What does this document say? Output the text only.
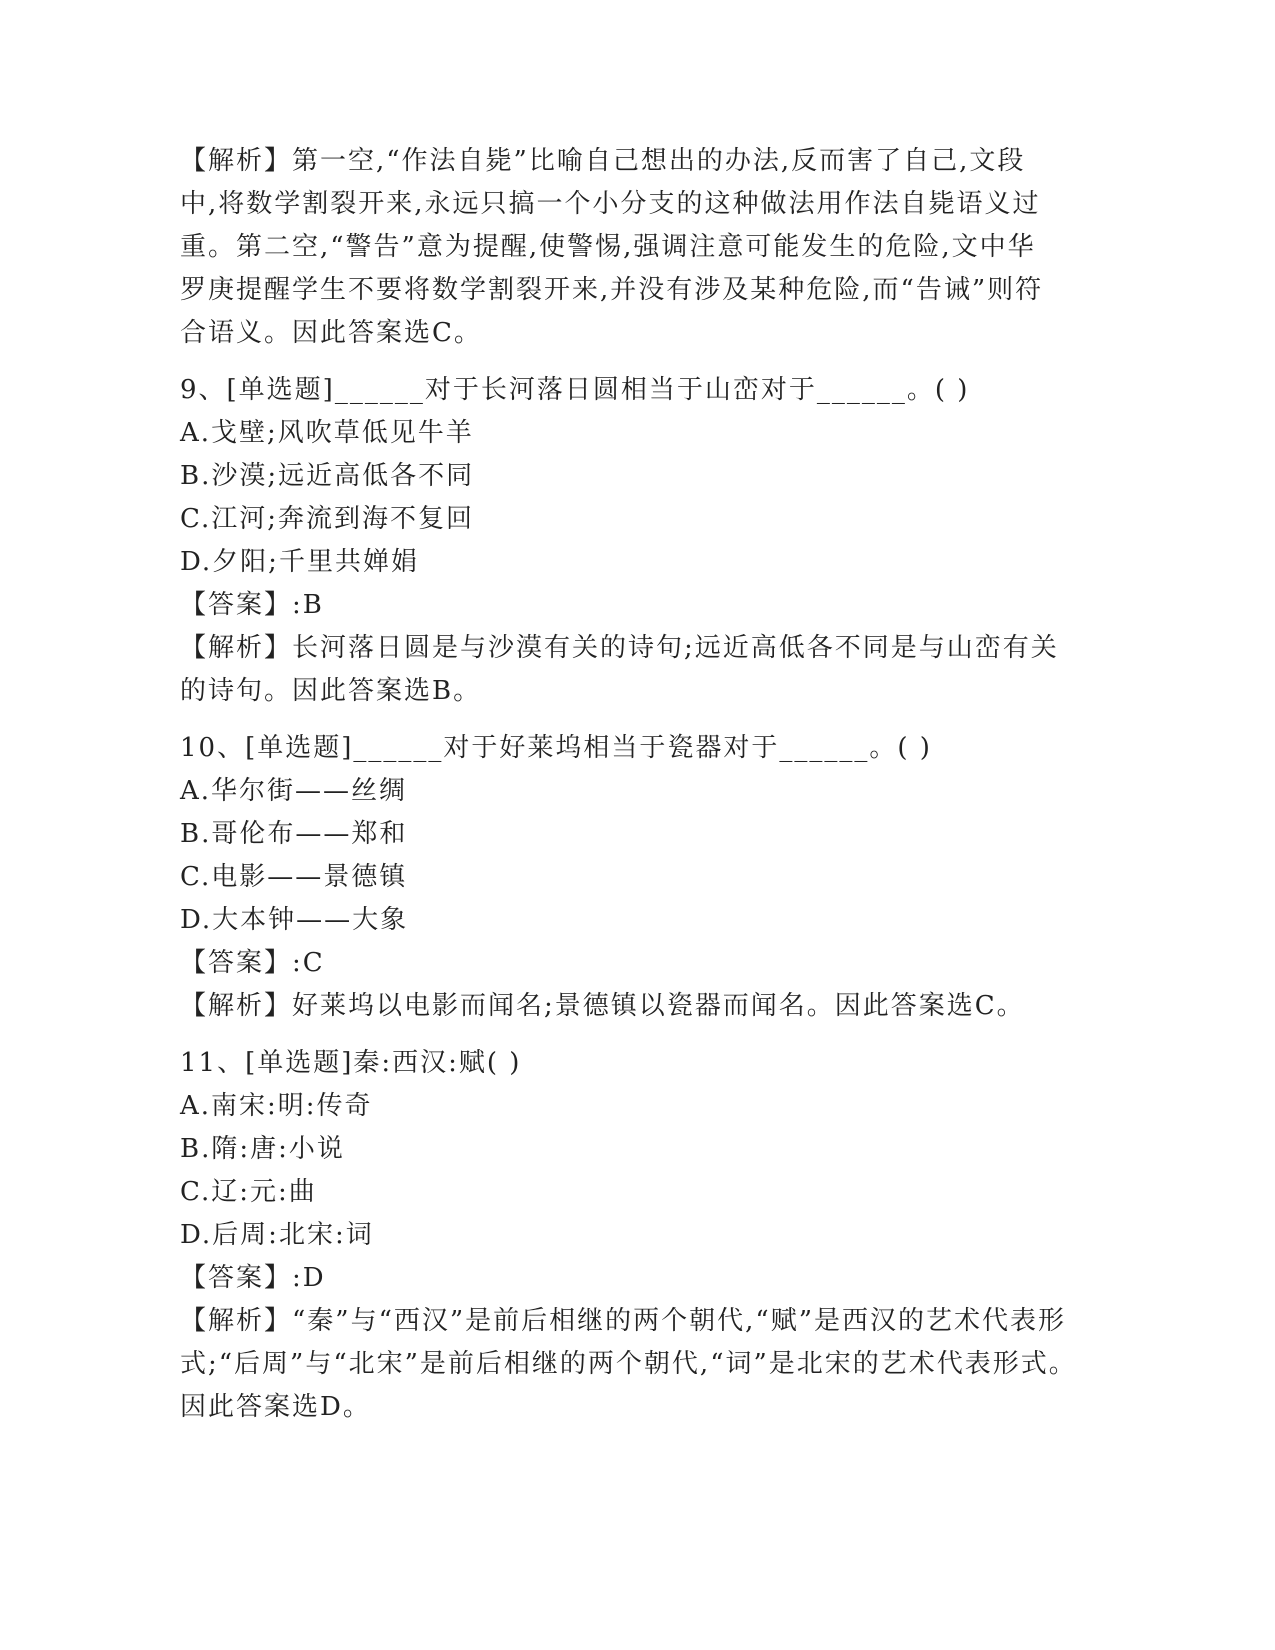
【解析】第一空,“作法自毙”比喻自己想出的办法,反而害了自己,文段中,将数学割裂开来,永远只搞一个小分支的这种做法用作法自毙语义过重。第二空,“警告”意为提醒,使警惕,强调注意可能发生的危险,文中华罗庚提醒学生不要将数学割裂开来,并没有涉及某种危险,而“告诫”则符合语义。因此答案选C。

9、[单选题]______对于长河落日圆相当于山峦对于______。( )

A.戈壁;风吹草低见牛羊

B.沙漠;远近高低各不同

C.江河;奔流到海不复回

D.夕阳;千里共婵娟

【答案】:B

【解析】长河落日圆是与沙漠有关的诗句;远近高低各不同是与山峦有关的诗句。因此答案选B。

10、[单选题]______对于好莱坞相当于瓷器对于______。( )

A.华尔街——丝绸

B.哥伦布——郑和

C.电影——景德镇

D.大本钟——大象

【答案】:C

【解析】好莱坞以电影而闻名;景德镇以瓷器而闻名。因此答案选C。

11、[单选题]秦:西汉:赋( )

A.南宋:明:传奇

B.隋:唐:小说

C.辽:元:曲

D.后周:北宋:词

【答案】:D

【解析】“秦”与“西汉”是前后相继的两个朝代,“赋”是西汉的艺术代表形式;“后周”与“北宋”是前后相继的两个朝代,“词”是北宋的艺术代表形式。因此答案选D。
